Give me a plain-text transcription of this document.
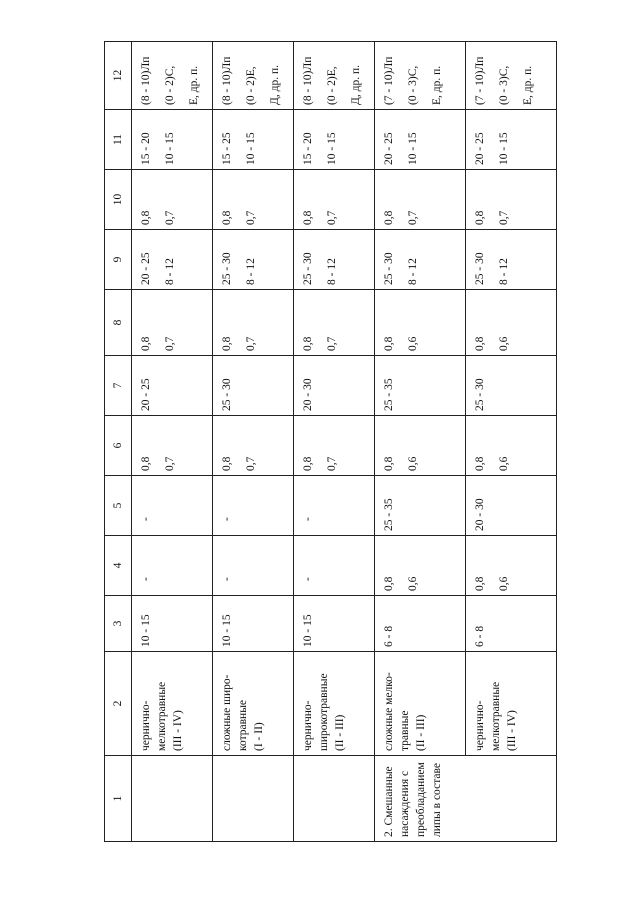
1	2	3	4	5	6	7	8	9	10	11	12

	чернично- мелкотравные (III - IV)	10 - 15	-	-	0,8 0,7	20 - 25	0,8 0,7	20 - 25 8 - 12	0,8 0,7	15 - 20 10 - 15	(8 - 10)Лп (0 - 2)С, Е, др. п.

	сложные широ- котравные (I - II)	10 - 15	-	-	0,8 0,7	25 - 30	0,8 0,7	25 - 30 8 - 12	0,8 0,7	15 - 25 10 - 15	(8 - 10)Лп (0 - 2)Е, Д, др. п.

	чернично- широкотравные (II - III)	10 - 15	-	-	0,8 0,7	20 - 30	0,8 0,7	25 - 30 8 - 12	0,8 0,7	15 - 20 10 - 15	(8 - 10)Лп (0 - 2)Е, Д, др. п.

2. Смешанные насаждения с преобладанием липы в составе	сложные мелко- травные (II - III)	6 - 8	0,8 0,6	25 - 35	0,8 0,6	25 - 35	0,8 0,6	25 - 30 8 - 12	0,8 0,7	20 - 25 10 - 15	(7 - 10)Лп (0 - 3)С, Е, др. п.

	чернично- мелкотравные (III - IV)	6 - 8	0,8 0,6	20 - 30	0,8 0,6	25 - 30	0,8 0,6	25 - 30 8 - 12	0,8 0,7	20 - 25 10 - 15	(7 - 10)Лп (0 - 3)С, Е, др. п.
